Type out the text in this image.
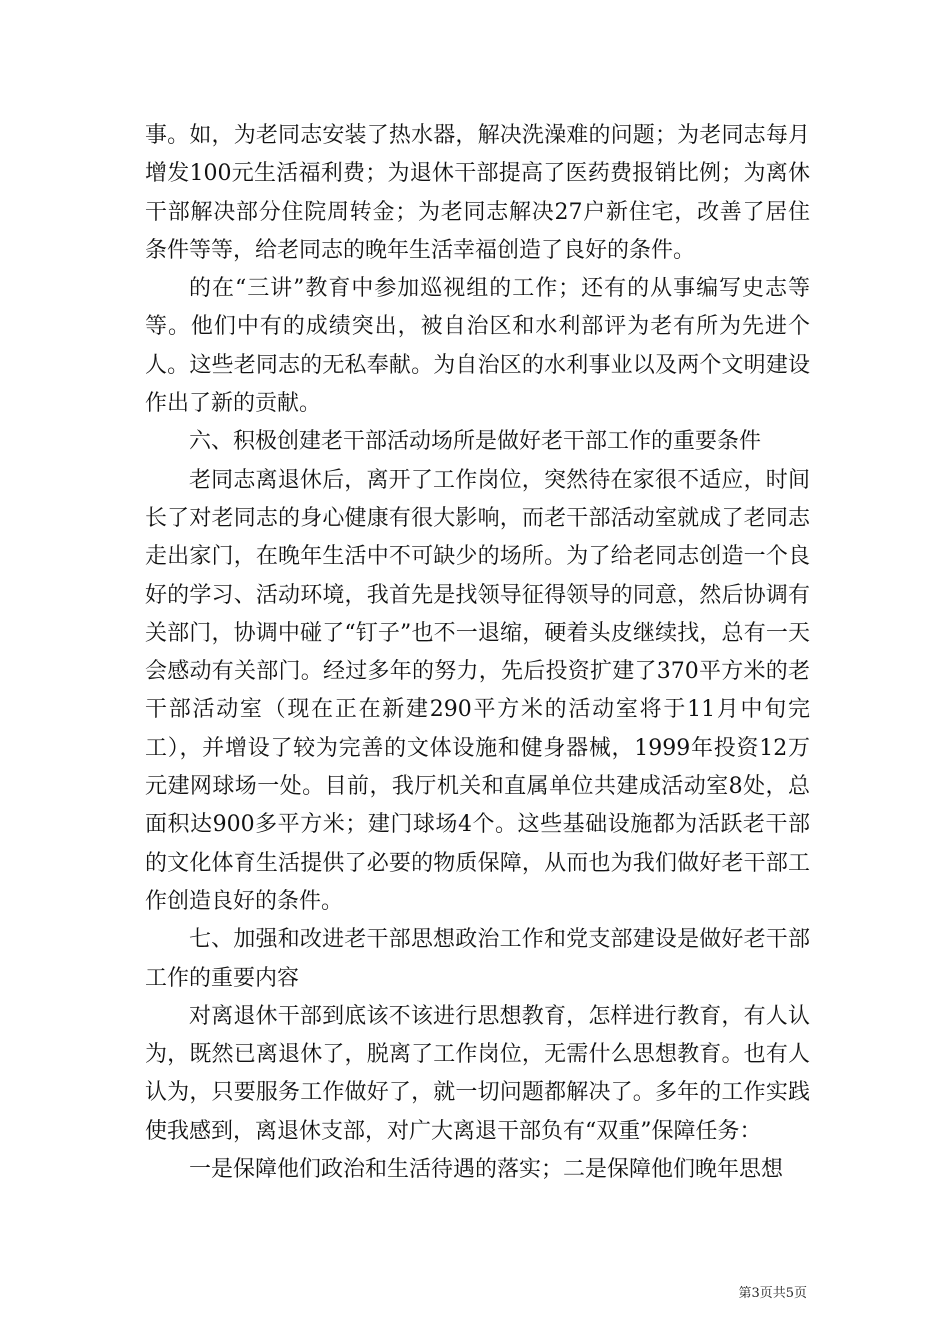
事。如，为老同志安装了热水器，解决洗澡难的问题；为老同志每月增发100元生活福利费；为退休干部提高了医药费报销比例；为离休干部解决部分住院周转金；为老同志解决27户新住宅，改善了居住条件等等，给老同志的晚年生活幸福创造了良好的条件。

的在“三讲”教育中参加巡视组的工作；还有的从事编写史志等等。他们中有的成绩突出，被自治区和水利部评为老有所为先进个人。这些老同志的无私奉献。为自治区的水利事业以及两个文明建设作出了新的贡献。

六、积极创建老干部活动场所是做好老干部工作的重要条件

老同志离退休后，离开了工作岗位，突然待在家很不适应，时间长了对老同志的身心健康有很大影响，而老干部活动室就成了老同志走出家门，在晚年生活中不可缺少的场所。为了给老同志创造一个良好的学习、活动环境，我首先是找领导征得领导的同意，然后协调有关部门，协调中碰了“钉子”也不一退缩，硬着头皮继续找，总有一天会感动有关部门。经过多年的努力，先后投资扩建了370平方米的老干部活动室（现在正在新建290平方米的活动室将于11月中旬完工），并增设了较为完善的文体设施和健身器械，1999年投资12万元建网球场一处。目前，我厅机关和直属单位共建成活动室8处，总面积达900多平方米；建门球场4个。这些基础设施都为活跃老干部的文化体育生活提供了必要的物质保障，从而也为我们做好老干部工作创造良好的条件。

七、加强和改进老干部思想政治工作和党支部建设是做好老干部工作的重要内容

对离退休干部到底该不该进行思想教育，怎样进行教育，有人认为，既然已离退休了，脱离了工作岗位，无需什么思想教育。也有人认为，只要服务工作做好了，就一切问题都解决了。多年的工作实践使我感到，离退休支部，对广大离退干部负有“双重”保障任务：

一是保障他们政治和生活待遇的落实；二是保障他们晚年思想

第3页共5页
